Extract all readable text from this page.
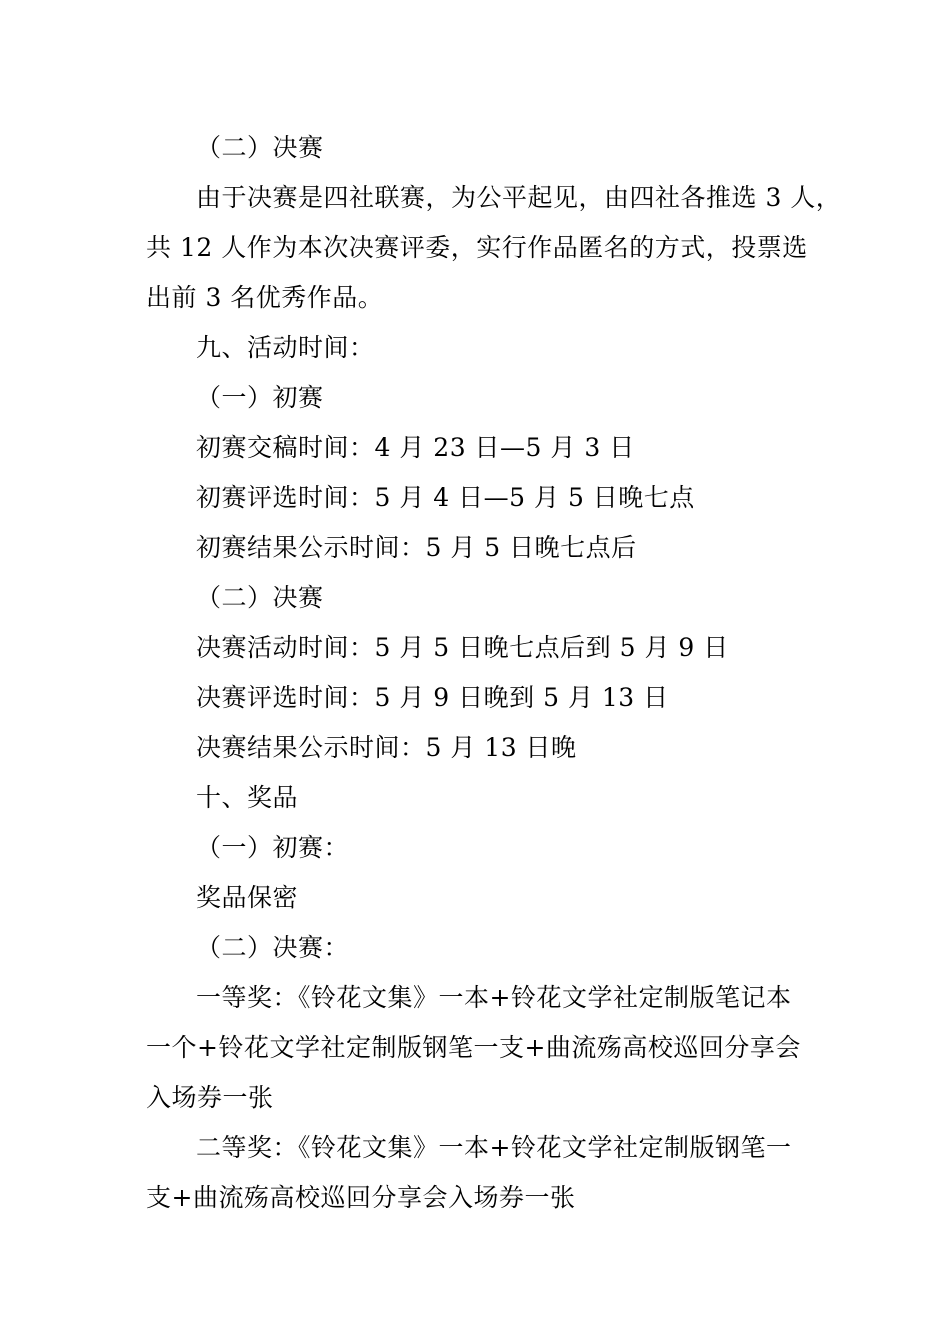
（二）决赛
由于决赛是四社联赛，为公平起见，由四社各推选 3 人，
共 12 人作为本次决赛评委，实行作品匿名的方式，投票选
出前 3 名优秀作品。
九、活动时间：
（一）初赛
初赛交稿时间：4 月 23 日—5 月 3 日
初赛评选时间：5 月 4 日—5 月 5 日晚七点
初赛结果公示时间：5 月 5 日晚七点后
（二）决赛
决赛活动时间：5 月 5 日晚七点后到 5 月 9 日
决赛评选时间：5 月 9 日晚到 5 月 13 日
决赛结果公示时间：5 月 13 日晚
十、奖品
（一）初赛：
奖品保密
（二）决赛：
一等奖：《铃花文集》一本+铃花文学社定制版笔记本
一个+铃花文学社定制版钢笔一支+曲流殇高校巡回分享会
入场券一张
二等奖：《铃花文集》一本+铃花文学社定制版钢笔一
支+曲流殇高校巡回分享会入场券一张
